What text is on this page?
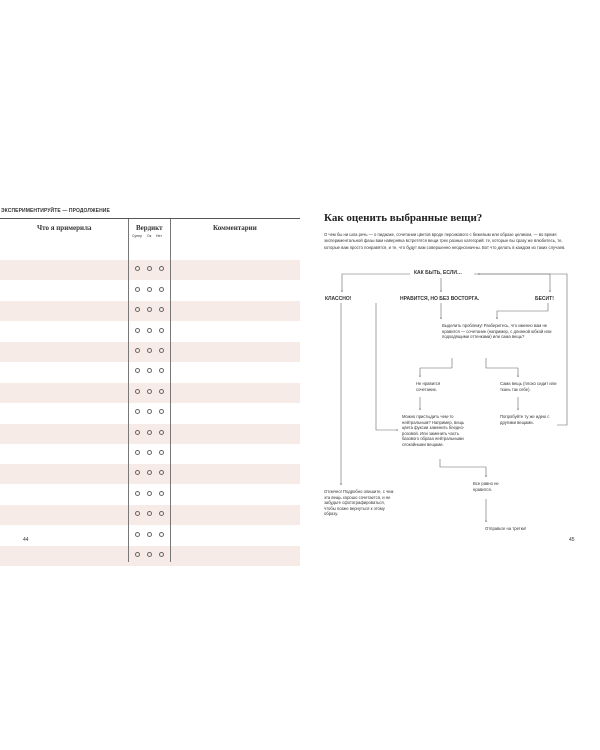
ЭКСПЕРИМЕНТИРУЙТЕ — ПРОДОЛЖЕНИЕ
Что я примерила	Вердикт	Комментарии
Супер Ок Нет
44
Как оценить выбранные вещи?
О чем бы ни шла речь — о пиджаке, сочетании цветов вроде персикового с бежевым или образе целиком, — во время экспериментальной фазы вам наверняка встретятся вещи трех разных категорий: те, которые вы сразу же влюбитесь, те, которые вам просто понравятся, и те, что будут вам совершенно неоднозначны. Вот что делать в каждом из таких случаев.
КАК БЫТЬ, ЕСЛИ…
КЛАССНО!	НРАВИТСЯ, НО БЕЗ ВОСТОРГА.	БЕСИТ!
Выделить проблему! Разберитесь, что именно вам не нравится — сочетание (например, с длинной юбкой или подходящими оттенками) или сама вещь?
Не нравится сочетание.
Сама вещь (плохо сидит или ткань так себе).
Можно пристыдить чем-то нейтральным? Например, вещь цвета фуксии заменить бледно-розовой. Или заменить часть базового образа нейтральными спокойными вещами.
Попробуйте ту же идею с другими вещами.
Все равно не нравится.
Отправьте на третки!
Отлично! Подробно опишите, с чем эта вещь хорошо сочетается, и не забудьте сфотографироваться, чтобы позже вернуться к этому образу.
45
